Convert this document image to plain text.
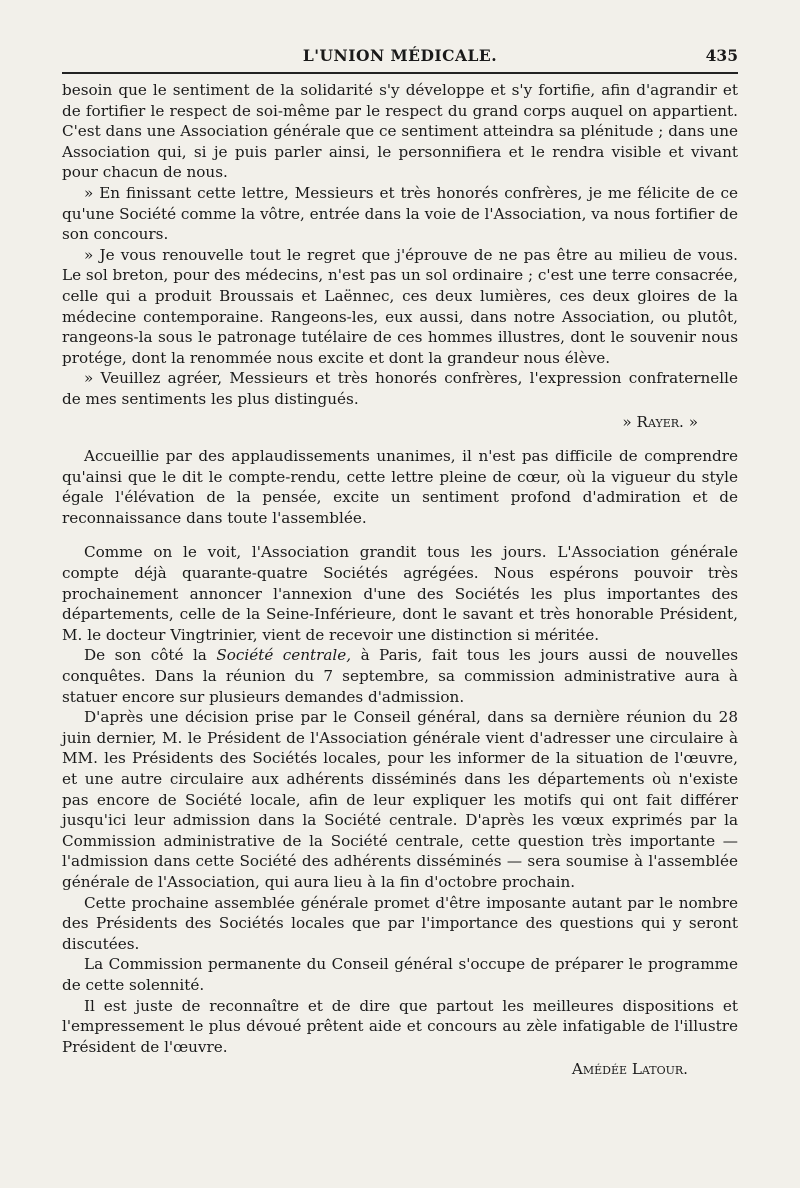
L'UNION MÉDICALE.	435

besoin que le sentiment de la solidarité s'y développe et s'y fortifie, afin d'agrandir et de fortifier le respect de soi-même par le respect du grand corps auquel on appartient. C'est dans une Association générale que ce sentiment atteindra sa plénitude ; dans une Association qui, si je puis parler ainsi, le personnifiera et le rendra visible et vivant pour chacun de nous.

» En finissant cette lettre, Messieurs et très honorés confrères, je me félicite de ce qu'une Société comme la vôtre, entrée dans la voie de l'Association, va nous fortifier de son concours.

» Je vous renouvelle tout le regret que j'éprouve de ne pas être au milieu de vous. Le sol breton, pour des médecins, n'est pas un sol ordinaire ; c'est une terre consacrée, celle qui a produit Broussais et Laënnec, ces deux lumières, ces deux gloires de la médecine contemporaine. Rangeons-les, eux aussi, dans notre Association, ou plutôt, rangeons-la sous le patronage tutélaire de ces hommes illustres, dont le souvenir nous protége, dont la renommée nous excite et dont la grandeur nous élève.

» Veuillez agréer, Messieurs et très honorés confrères, l'expression confraternelle de mes sentiments les plus distingués.

» Rayer. »

Accueillie par des applaudissements unanimes, il n'est pas difficile de comprendre qu'ainsi que le dit le compte-rendu, cette lettre pleine de cœur, où la vigueur du style égale l'élévation de la pensée, excite un sentiment profond d'admiration et de reconnaissance dans toute l'assemblée.

Comme on le voit, l'Association grandit tous les jours. L'Association générale compte déjà quarante-quatre Sociétés agrégées. Nous espérons pouvoir très prochainement annoncer l'annexion d'une des Sociétés les plus importantes des départements, celle de la Seine-Inférieure, dont le savant et très honorable Président, M. le docteur Vingtrinier, vient de recevoir une distinction si méritée.

De son côté la Société centrale, à Paris, fait tous les jours aussi de nouvelles conquêtes. Dans la réunion du 7 septembre, sa commission administrative aura à statuer encore sur plusieurs demandes d'admission.

D'après une décision prise par le Conseil général, dans sa dernière réunion du 28 juin dernier, M. le Président de l'Association générale vient d'adresser une circulaire à MM. les Présidents des Sociétés locales, pour les informer de la situation de l'œuvre, et une autre circulaire aux adhérents disséminés dans les départements où n'existe pas encore de Société locale, afin de leur expliquer les motifs qui ont fait différer jusqu'ici leur admission dans la Société centrale. D'après les vœux exprimés par la Commission administrative de la Société centrale, cette question très importante — l'admission dans cette Société des adhérents disséminés — sera soumise à l'assemblée générale de l'Association, qui aura lieu à la fin d'octobre prochain.

Cette prochaine assemblée générale promet d'être imposante autant par le nombre des Présidents des Sociétés locales que par l'importance des questions qui y seront discutées.

La Commission permanente du Conseil général s'occupe de préparer le programme de cette solennité.

Il est juste de reconnaître et de dire que partout les meilleures dispositions et l'empressement le plus dévoué prêtent aide et concours au zèle infatigable de l'illustre Président de l'œuvre.

Amédée Latour.
